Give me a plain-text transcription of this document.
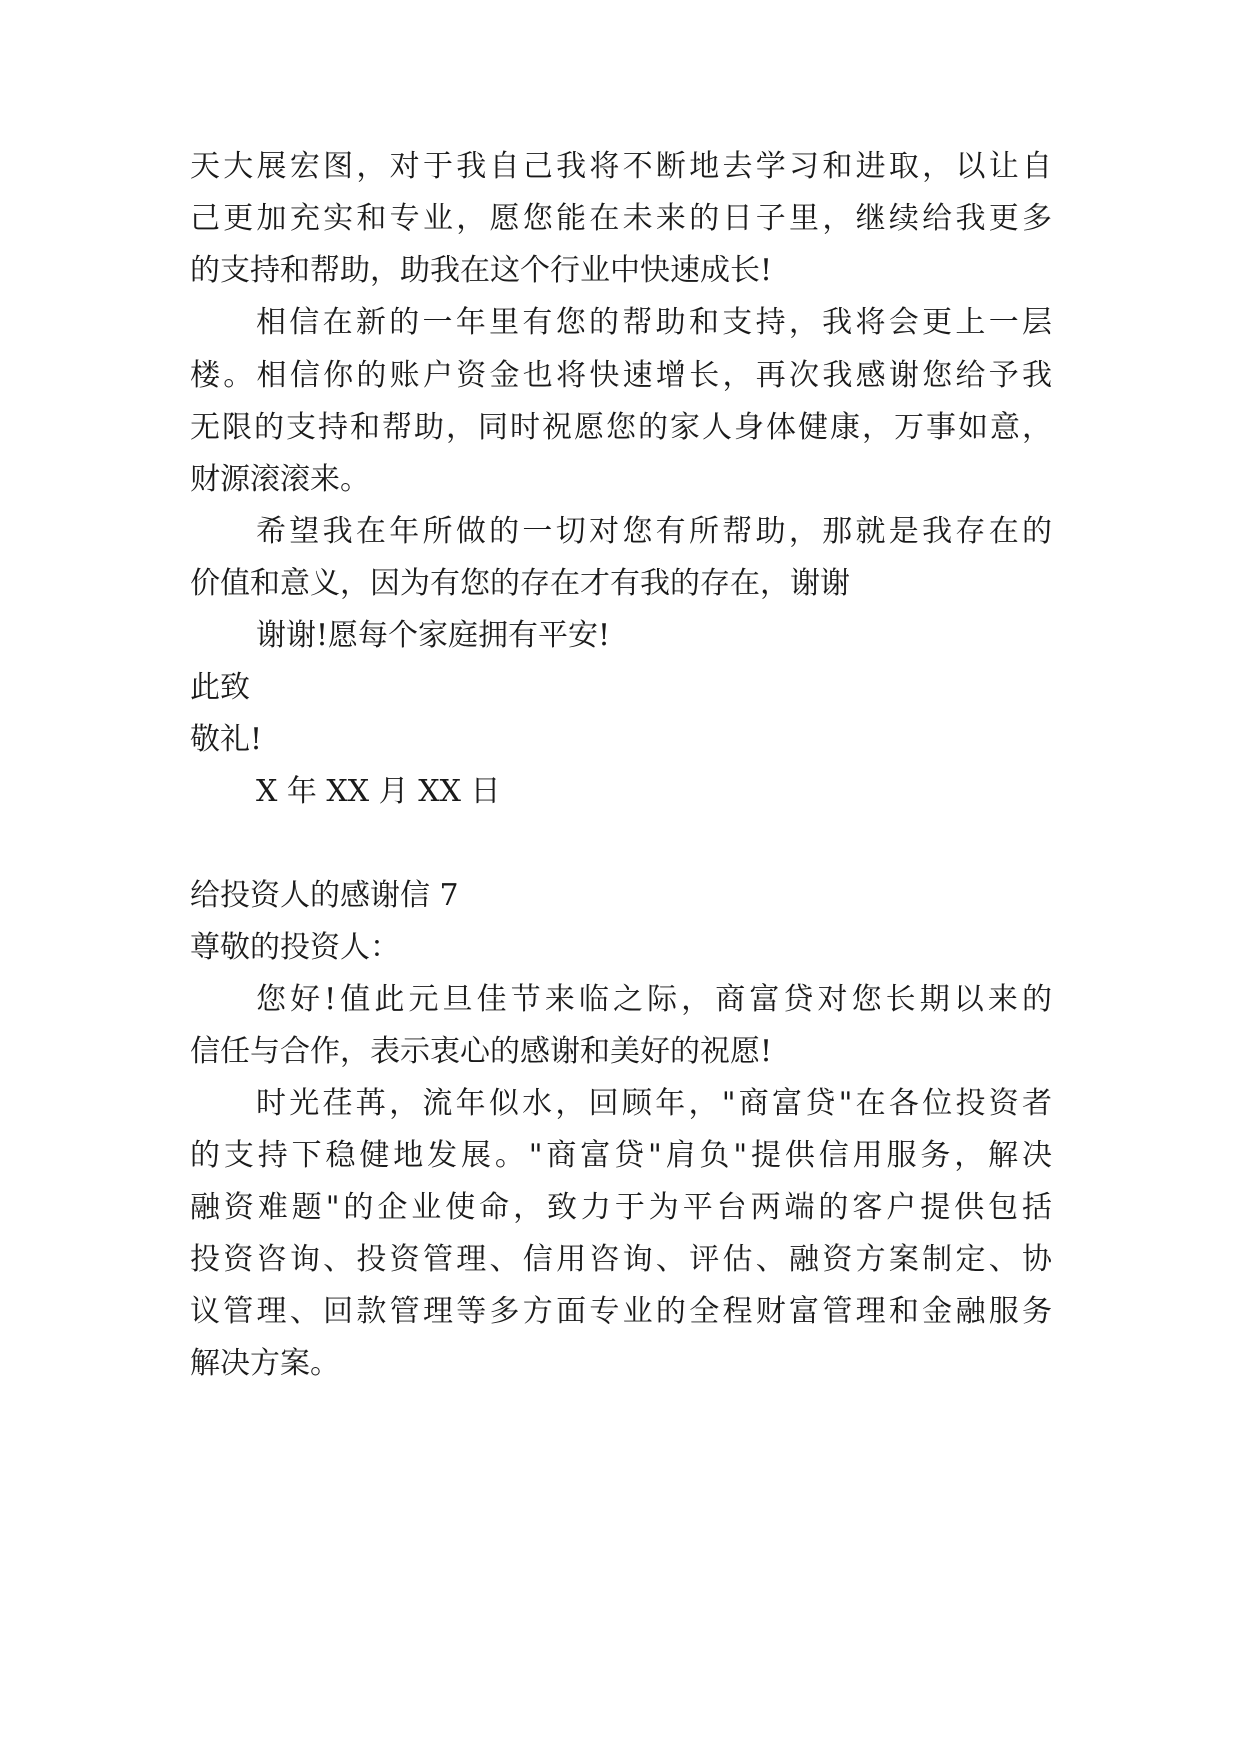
天大展宏图，对于我自己我将不断地去学习和进取，以让自
己更加充实和专业，愿您能在未来的日子里，继续给我更多
的支持和帮助，助我在这个行业中快速成长!
相信在新的一年里有您的帮助和支持，我将会更上一层
楼。相信你的账户资金也将快速增长，再次我感谢您给予我
无限的支持和帮助，同时祝愿您的家人身体健康，万事如意，
财源滚滚来。
希望我在年所做的一切对您有所帮助，那就是我存在的
价值和意义，因为有您的存在才有我的存在，谢谢
谢谢!愿每个家庭拥有平安!
此致
敬礼!
X 年 XX 月 XX 日
给投资人的感谢信 7
尊敬的投资人：
您好!值此元旦佳节来临之际，商富贷对您长期以来的
信任与合作，表示衷心的感谢和美好的祝愿!
时光荏苒，流年似水，回顾年，"商富贷"在各位投资者
的支持下稳健地发展。"商富贷"肩负"提供信用服务，解决
融资难题"的企业使命，致力于为平台两端的客户提供包括
投资咨询、投资管理、信用咨询、评估、融资方案制定、协
议管理、回款管理等多方面专业的全程财富管理和金融服务
解决方案。
